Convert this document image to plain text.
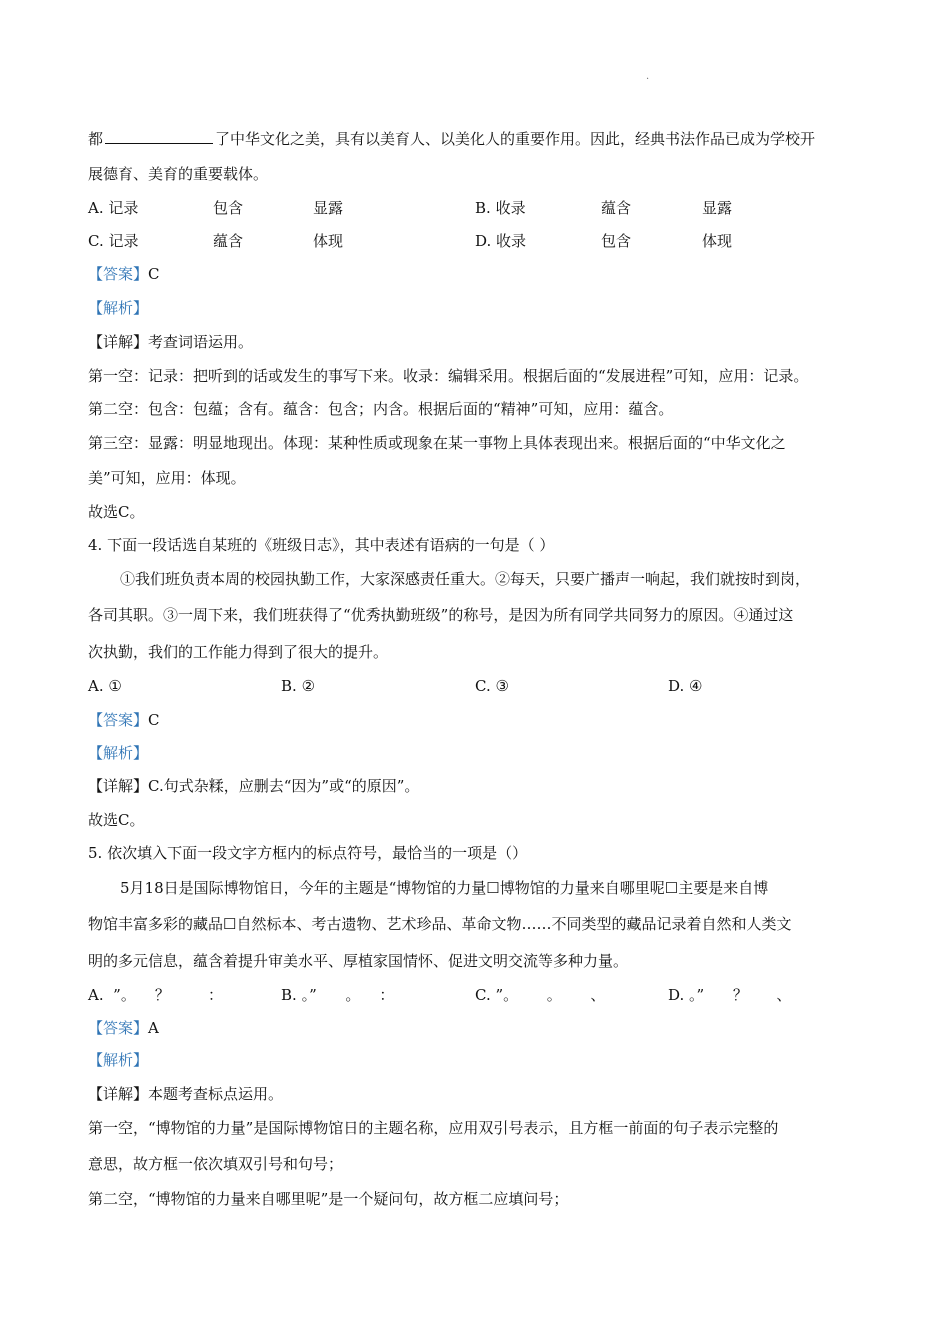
·
都	了中华文化之美，具有以美育人、以美化人的重要作用。因此，经典书法作品已成为学校开
展德育、美育的重要载体。
A. 记录	包含	显露	B. 收录	蕴含	显露
C. 记录	蕴含	体现	D. 收录	包含	体现
【答案】C
【解析】
【详解】考查词语运用。
第一空：记录：把听到的话或发生的事写下来。收录：编辑采用。根据后面的“发展进程”可知，应用：记录。
第二空：包含：包蕴；含有。蕴含：包含；内含。根据后面的“精神”可知，应用：蕴含。
第三空：显露：明显地现出。体现：某种性质或现象在某一事物上具体表现出来。根据后面的“中华文化之
美”可知，应用：体现。
故选C。
4. 下面一段话选自某班的《班级日志》，其中表述有语病的一句是（ ）
①我们班负责本周的校园执勤工作，大家深感责任重大。②每天，只要广播声一响起，我们就按时到岗，
各司其职。③一周下来，我们班获得了“优秀执勤班级”的称号，是因为所有同学共同努力的原因。④通过这
次执勤，我们的工作能力得到了很大的提升。
A. ①	B. ②	C. ③	D. ④
【答案】C
【解析】
【详解】C.句式杂糅，应删去“因为”或“的原因”。
故选C。
5. 依次填入下面一段文字方框内的标点符号，最恰当的一项是（）
5月18日是国际博物馆日，今年的主题是“博物馆的力量☐博物馆的力量来自哪里呢☐主要是来自博
物馆丰富多彩的藏品☐自然标本、考古遗物、艺术珍品、革命文物……不同类型的藏品记录着自然和人类文
明的多元信息，蕴含着提升审美水平、厚植家国情怀、促进文明交流等多种力量。
A. ”。    ？        ：	B. 。”      。    ：	C. ”。      。      、	D. 。”      ？      、
【答案】A
【解析】
【详解】本题考查标点运用。
第一空，“博物馆的力量”是国际博物馆日的主题名称，应用双引号表示，且方框一前面的句子表示完整的
意思，故方框一依次填双引号和句号；
第二空，“博物馆的力量来自哪里呢”是一个疑问句，故方框二应填问号；
